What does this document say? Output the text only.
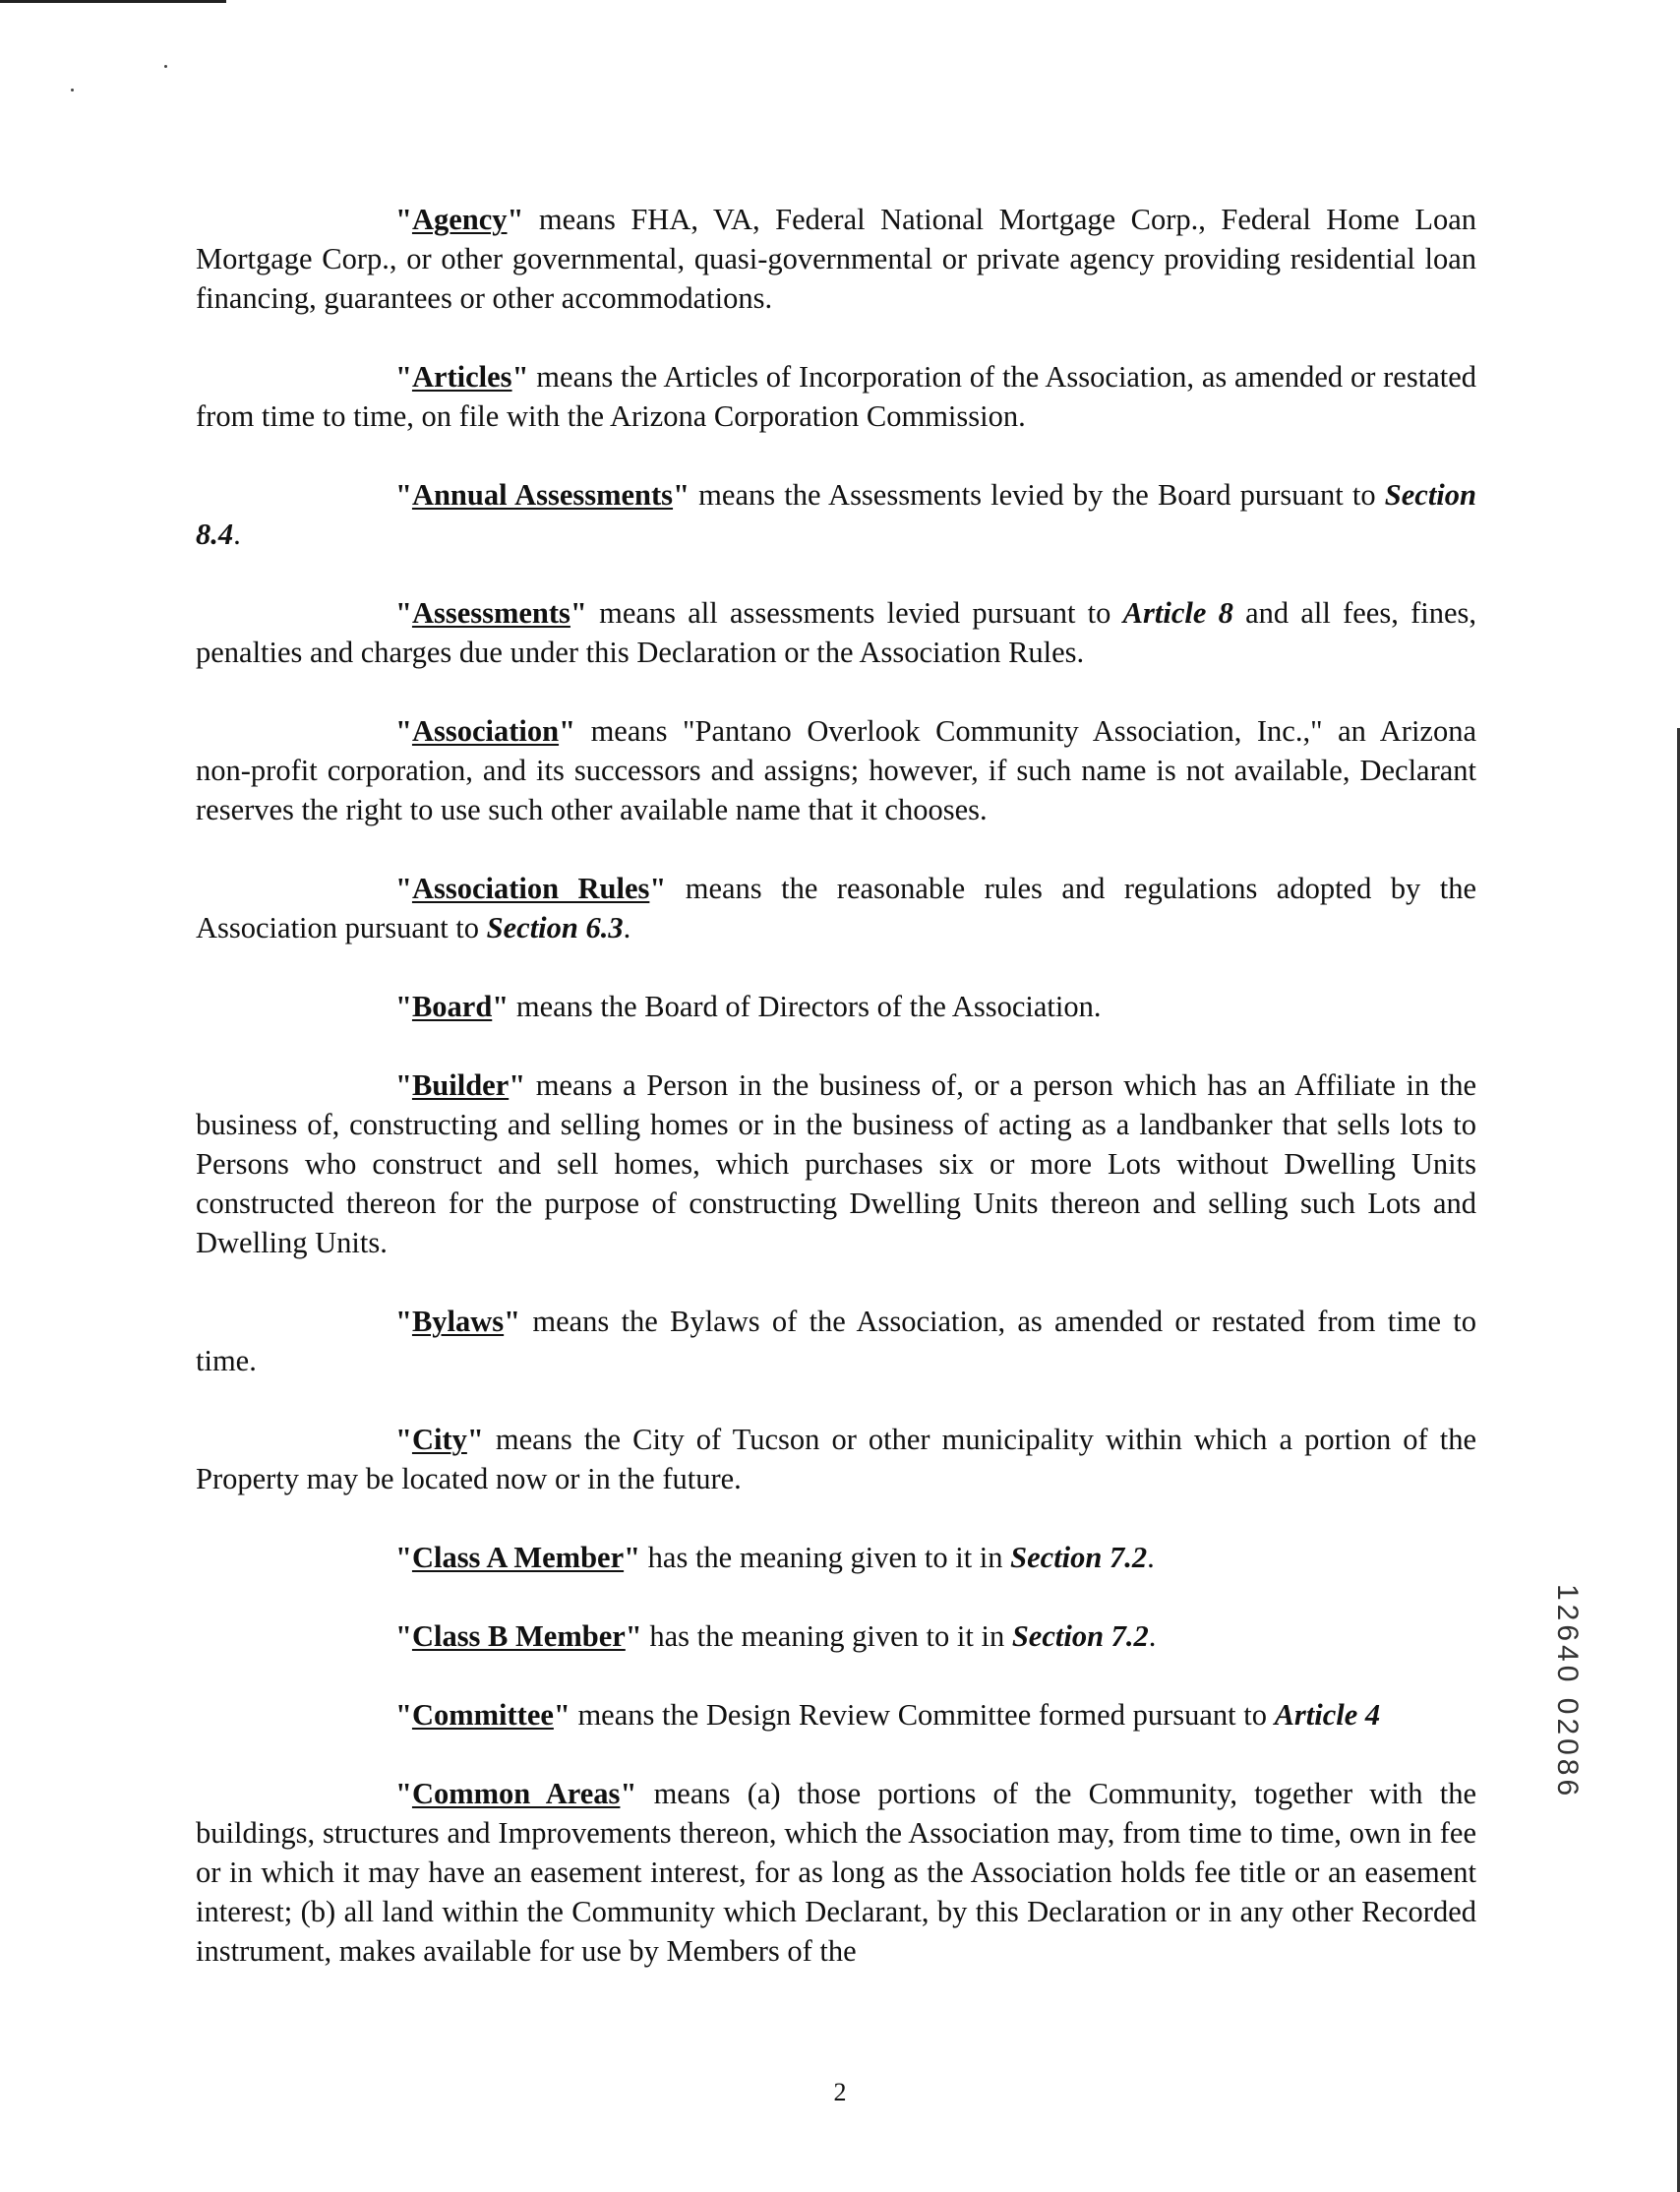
"Agency" means FHA, VA, Federal National Mortgage Corp., Federal Home Loan Mortgage Corp., or other governmental, quasi-governmental or private agency providing residential loan financing, guarantees or other accommodations.

"Articles" means the Articles of Incorporation of the Association, as amended or restated from time to time, on file with the Arizona Corporation Commission.

"Annual Assessments" means the Assessments levied by the Board pursuant to Section 8.4.

"Assessments" means all assessments levied pursuant to Article 8 and all fees, fines, penalties and charges due under this Declaration or the Association Rules.

"Association" means "Pantano Overlook Community Association, Inc.," an Arizona non-profit corporation, and its successors and assigns; however, if such name is not available, Declarant reserves the right to use such other available name that it chooses.

"Association Rules" means the reasonable rules and regulations adopted by the Association pursuant to Section 6.3.

"Board" means the Board of Directors of the Association.

"Builder" means a Person in the business of, or a person which has an Affiliate in the business of, constructing and selling homes or in the business of acting as a landbanker that sells lots to Persons who construct and sell homes, which purchases six or more Lots without Dwelling Units constructed thereon for the purpose of constructing Dwelling Units thereon and selling such Lots and Dwelling Units.

"Bylaws" means the Bylaws of the Association, as amended or restated from time to time.

"City" means the City of Tucson or other municipality within which a portion of the Property may be located now or in the future.

"Class A Member" has the meaning given to it in Section 7.2.

"Class B Member" has the meaning given to it in Section 7.2.

"Committee" means the Design Review Committee formed pursuant to Article 4

"Common Areas" means (a) those portions of the Community, together with the buildings, structures and Improvements thereon, which the Association may, from time to time, own in fee or in which it may have an easement interest, for as long as the Association holds fee title or an easement interest; (b) all land within the Community which Declarant, by this Declaration or in any other Recorded instrument, makes available for use by Members of the

2
12640 02086
